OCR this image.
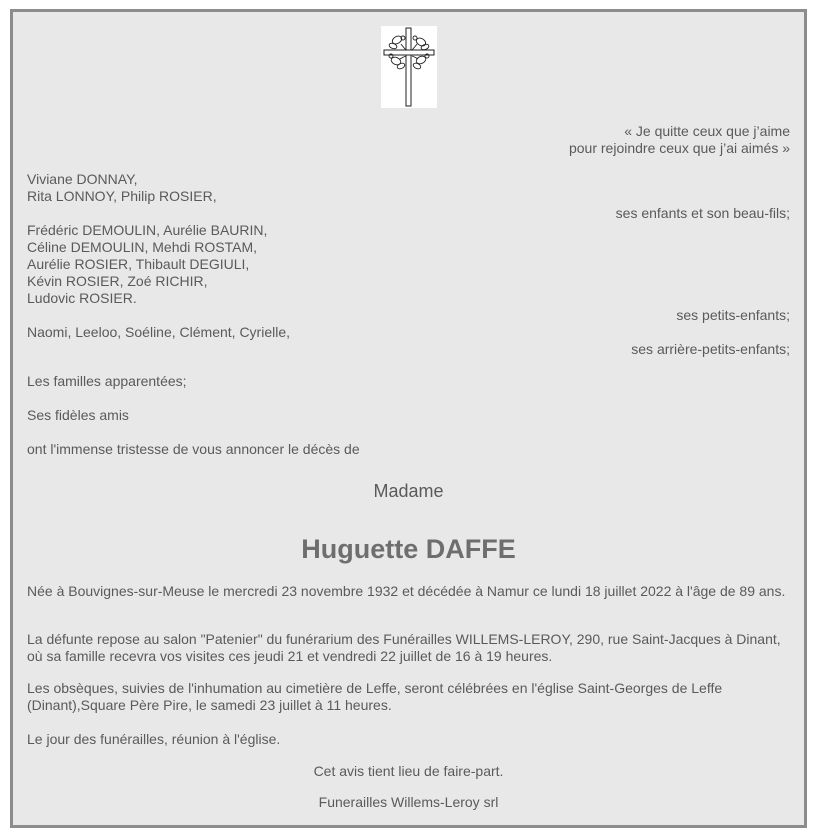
« Je quitte ceux que j’aime
pour rejoindre ceux que j’ai aimés »
Viviane DONNAY,
Rita LONNOY, Philip ROSIER,
ses enfants et son beau-fils;
Frédéric DEMOULIN, Aurélie BAURIN,
Céline DEMOULIN, Mehdi ROSTAM,
Aurélie ROSIER, Thibault DEGIULI,
Kévin ROSIER, Zoé RICHIR,
Ludovic ROSIER.
ses petits-enfants;
Naomi, Leeloo, Soéline, Clément, Cyrielle,
ses arrière-petits-enfants;
Les familles apparentées;
Ses fidèles amis
ont l'immense tristesse de vous annoncer le décès de
Madame
Huguette DAFFE
Née à Bouvignes-sur-Meuse le mercredi 23 novembre 1932 et décédée à Namur ce lundi 18 juillet 2022 à l'âge de 89 ans.
La défunte repose au salon "Patenier" du funérarium des Funérailles WILLEMS-LEROY, 290, rue Saint-Jacques à Dinant, où sa famille recevra vos visites ces jeudi 21 et vendredi 22 juillet de 16 à 19 heures.
Les obsèques, suivies de l'inhumation au cimetière de Leffe, seront célébrées en l'église Saint-Georges de Leffe (Dinant),Square Père Pire, le samedi 23 juillet à 11 heures.
Le jour des funérailles, réunion à l'église.
Cet avis tient lieu de faire-part.
Funerailles Willems-Leroy srl
